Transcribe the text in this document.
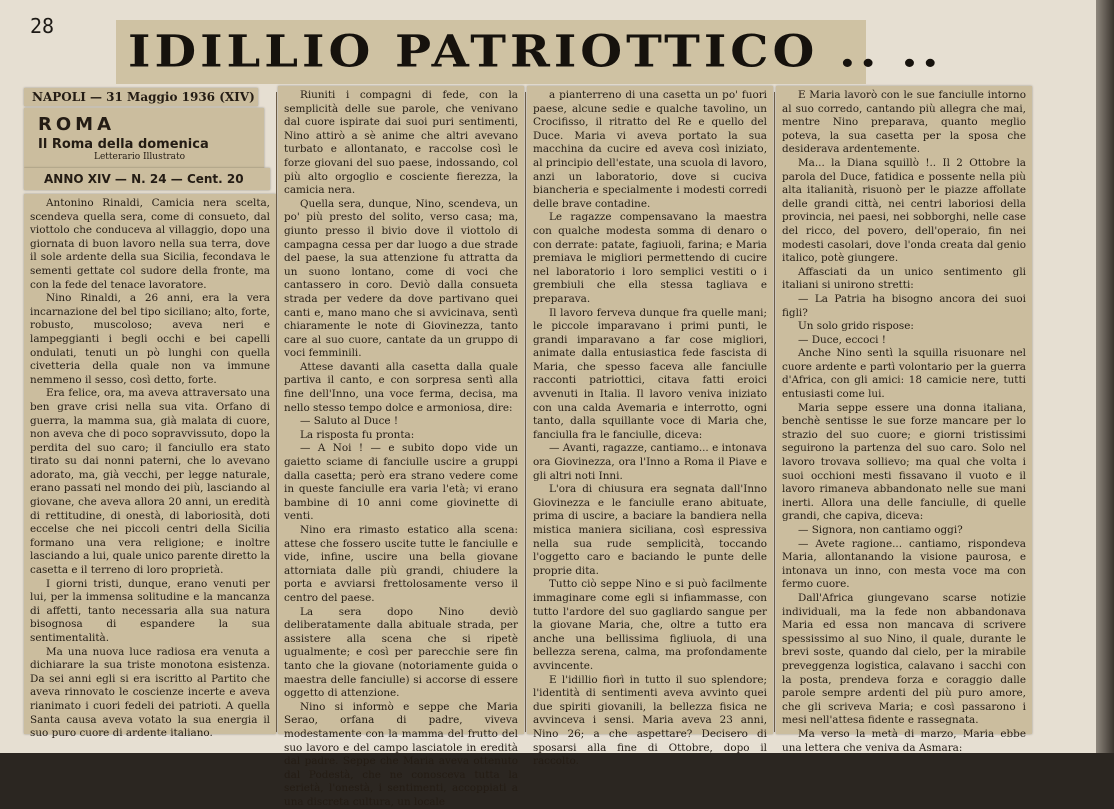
28
IDILLIO PATRIOTTICO .. ..
NAPOLI — 31 Maggio 1936 (XIV)
ROMA
Il Roma della domenica
Letterario Illustrato
ANNO XIV — N. 24 — Cent. 20

Antonino Rinaldi, Camicia nera scelta, scendeva quella sera, come di consueto, dal viottolo che conduceva al villaggio, dopo una giornata di buon lavoro nella sua terra, dove il sole ardente della sua Sicilia, fecondava le sementi gettate col sudore della fronte, ma con la fede del tenace lavoratore.

Nino Rinaldi, a 26 anni, era la vera incarnazione del bel tipo siciliano; alto, forte, robusto, muscoloso; aveva neri e lampeggianti i begli occhi e bei capelli ondulati, tenuti un pò lunghi con quella civetteria della quale non va immune nemmeno il sesso, così detto, forte.

Era felice, ora, ma aveva attraversato una ben grave crisi nella sua vita. Orfano di guerra, la mamma sua, già malata di cuore, non aveva che di poco sopravvissuto, dopo la perdita del suo caro; il fanciullo era stato tirato su dai nonni paterni, che lo avevano adorato, ma, già vecchi, per legge naturale, erano passati nel mondo dei più, lasciando al giovane, che aveva allora 20 anni, un eredità di rettitudine, di onestà, di laboriosità, doti eccelse che nei piccoli centri della Sicilia formano una vera religione; e inoltre lasciando a lui, quale unico parente diretto la casetta e il terreno di loro proprietà.

I giorni tristi, dunque, erano venuti per lui, per la immensa solitudine e la mancanza di affetti, tanto necessaria alla sua natura bisognosa di espandere la sua sentimentalità.

Ma una nuova luce radiosa era venuta a dichiarare la sua triste monotona esistenza. Da sei anni egli si era iscritto al Partito che aveva rinnovato le coscienze incerte e aveva rianimato i cuori fedeli dei patrioti. A quella Santa causa aveva votato la sua energia il suo puro cuore di ardente italiano.

Riuniti i compagni di fede, con la semplicità delle sue parole, che venivano dal cuore ispirate dai suoi puri sentimenti, Nino attirò a sè anime che altri avevano turbato e allontanato, e raccolse così le forze giovani del suo paese, indossando, col più alto orgoglio e cosciente fierezza, la camicia nera.

Quella sera, dunque, Nino, scendeva, un po' più presto del solito, verso casa; ma, giunto presso il bivio dove il viottolo di campagna cessa per dar luogo a due strade del paese, la sua attenzione fu attratta da un suono lontano, come di voci che cantassero in coro. Deviò dalla consueta strada per vedere da dove partivano quei canti e, mano mano che si avvicinava, sentì chiaramente le note di Giovinezza, tanto care al suo cuore, cantate da un gruppo di voci femminili.

Attese davanti alla casetta dalla quale partiva il canto, e con sorpresa sentì alla fine dell'Inno, una voce ferma, decisa, ma nello stesso tempo dolce e armoniosa, dire:

— Saluto al Duce !

La risposta fu pronta:

— A Noi ! — e subito dopo vide un gaietto sciame di fanciulle uscire a gruppi dalla casetta; però era strano vedere come in queste fanciulle era varia l'età; vi erano bambine di 10 anni come giovinette di venti.

Nino era rimasto estatico alla scena: attese che fossero uscite tutte le fanciulle e vide, infine, uscire una bella giovane attorniata dalle più grandi, chiudere la porta e avviarsi frettolosamente verso il centro del paese.

La sera dopo Nino deviò deliberatamente dalla abituale strada, per assistere alla scena che si ripetè ugualmente; e così per parecchie sere fin tanto che la giovane (notoriamente guida o maestra delle fanciulle) si accorse di essere oggetto di attenzione.

Nino si informò e seppe che Maria Serao, orfana di padre, viveva modestamente con la mamma del frutto del suo lavoro e del campo lasciatole in eredità dal padre. Seppe che Maria aveva ottenuto dal Podestà, che ne conosceva tutta la serietà, l'onestà, i sentimenti, accoppiati a una discreta cultura, un locale

a pianterreno di una casetta un po' fuori paese, alcune sedie e qualche tavolino, un Crocifisso, il ritratto del Re e quello del Duce. Maria vi aveva portato la sua macchina da cucire ed aveva così iniziato, al principio dell'estate, una scuola di lavoro, anzi un laboratorio, dove si cuciva biancheria e specialmente i modesti corredi delle brave contadine.

Le ragazze compensavano la maestra con qualche modesta somma di denaro o con derrate: patate, fagiuoli, farina; e Maria premiava le migliori permettendo di cucire nel laboratorio i loro semplici vestiti o i grembiuli che ella stessa tagliava e preparava.

Il lavoro ferveva dunque fra quelle mani; le piccole imparavano i primi punti, le grandi imparavano a far cose migliori, animate dalla entusiastica fede fascista di Maria, che spesso faceva alle fanciulle racconti patriottici, citava fatti eroici avvenuti in Italia. Il lavoro veniva iniziato con una calda Avemaria e interrotto, ogni tanto, dalla squillante voce di Maria che, fanciulla fra le fanciulle, diceva:

— Avanti, ragazze, cantiamo... e intonava ora Giovinezza, ora l'Inno a Roma il Piave e gli altri noti Inni.

L'ora di chiusura era segnata dall'Inno Giovinezza e le fanciulle erano abituate, prima di uscire, a baciare la bandiera nella mistica maniera siciliana, così espressiva nella sua rude semplicità, toccando l'oggetto caro e baciando le punte delle proprie dita.

Tutto ciò seppe Nino e si può facilmente immaginare come egli si infiammasse, con tutto l'ardore del suo gagliardo sangue per la giovane Maria, che, oltre a tutto era anche una bellissima figliuola, di una bellezza serena, calma, ma profondamente avvincente.

E l'idillio fiorì in tutto il suo splendore; l'identità di sentimenti aveva avvinto quei due spiriti giovanili, la bellezza fisica ne avvinceva i sensi. Maria aveva 23 anni, Nino 26; a che aspettare? Decisero di sposarsi alla fine di Ottobre, dopo il raccolto.

E Maria lavorò con le sue fanciulle intorno al suo corredo, cantando più allegra che mai, mentre Nino preparava, quanto meglio poteva, la sua casetta per la sposa che desiderava ardentemente.

Ma... la Diana squillò !.. Il 2 Ottobre la parola del Duce, fatidica e possente nella più alta italianità, risuonò per le piazze affollate delle grandi città, nei centri laboriosi della provincia, nei paesi, nei sobborghi, nelle case del ricco, del povero, dell'operaio, fin nei modesti casolari, dove l'onda creata dal genio italico, potè giungere.

Affasciati da un unico sentimento gli italiani si unirono stretti:

— La Patria ha bisogno ancora dei suoi figli?

Un solo grido rispose:

— Duce, eccoci !

Anche Nino sentì la squilla risuonare nel cuore ardente e partì volontario per la guerra d'Africa, con gli amici: 18 camicie nere, tutti entusiasti come lui.

Maria seppe essere una donna italiana, benchè sentisse le sue forze mancare per lo strazio del suo cuore; e giorni tristissimi seguirono la partenza del suo caro. Solo nel lavoro trovava sollievo; ma qual che volta i suoi occhioni mesti fissavano il vuoto e il lavoro rimaneva abbandonato nelle sue mani inerti. Allora una delle fanciulle, di quelle grandi, che capiva, diceva:

— Signora, non cantiamo oggi?

— Avete ragione... cantiamo, rispondeva Maria, allontanando la visione paurosa, e intonava un inno, con mesta voce ma con fermo cuore.

Dall'Africa giungevano scarse notizie individuali, ma la fede non abbandonava Maria ed essa non mancava di scrivere spessissimo al suo Nino, il quale, durante le brevi soste, quando dal cielo, per la mirabile preveggenza logistica, calavano i sacchi con la posta, prendeva forza e coraggio dalle parole sempre ardenti del più puro amore, che gli scriveva Maria; e così passarono i mesi nell'attesa fidente e rassegnata.

Ma verso la metà di marzo, Maria ebbe una lettera che veniva da Asmara:
